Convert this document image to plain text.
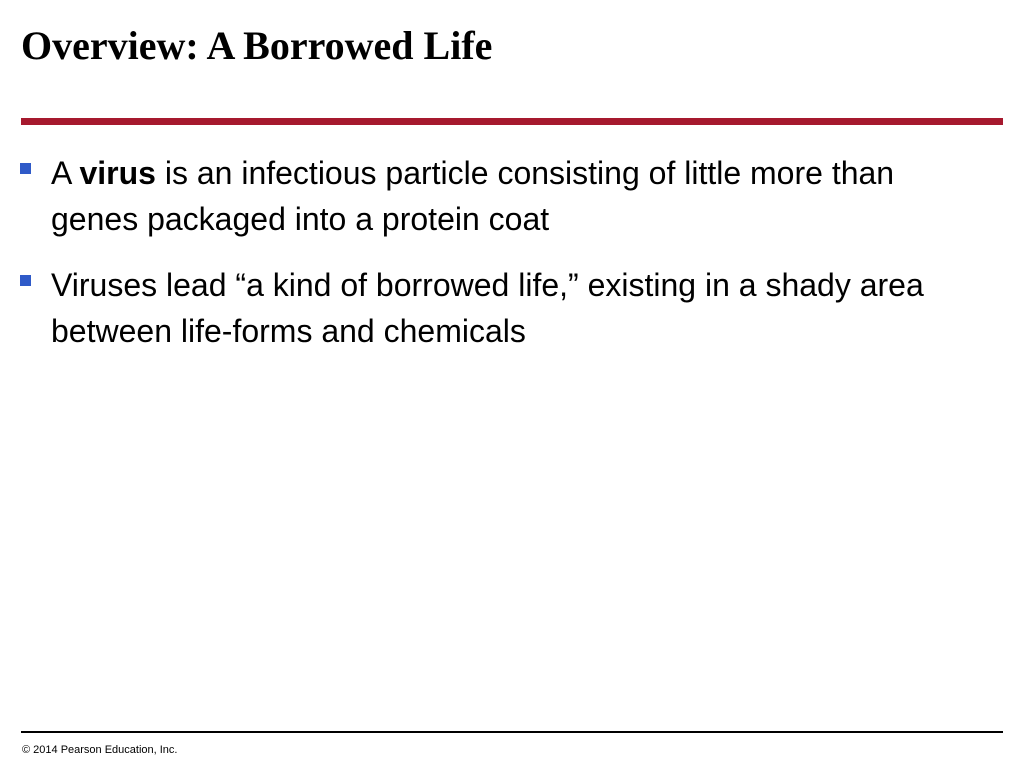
Overview: A Borrowed Life
A virus is an infectious particle consisting of little more than genes packaged into a protein coat
Viruses lead “a kind of borrowed life,” existing in a shady area between life-forms and chemicals
© 2014 Pearson Education, Inc.
